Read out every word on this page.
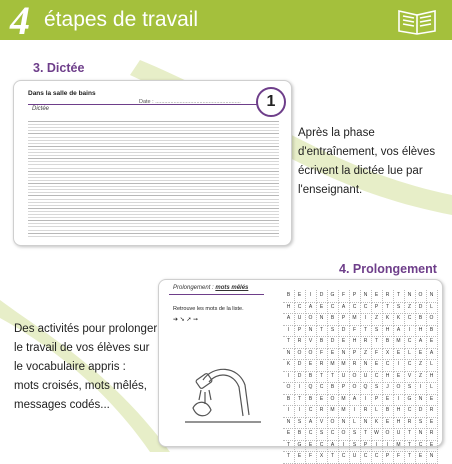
4 étapes de travail
3. Dictée
Dans la salle de bains
Date : ........................................................
Dictée	1
Après la phase
d'entraînement, vos élèves
écrivent la dictée lue par
l'enseignant.
4. Prolongement
Prolongement : mots mêlés
Retrouve les mots de la liste.
➔ ➘ ➚ ➙
B	E	I	D	G	F	P	N	E	R	T	N	O	N
H	C	A	E	C	A	C	C	P	T	S	Z	D	L
A	U	O	N	B	P	M	I	Z	K	K	C	B	O
I	P	N	T	S	D	F	T	S	H	A	I	H	B
T	R	V	B	D	E	H	R	T	B	M	C	A	E
N	O	O	F	E	N	P	Z	F	X	E	L	E	A
K	D	E	R	M	M	R	N	E	C	I	C	Z	L
I	D	B	T	T	U	O	U	C	H	E	V	Z	H
O	I	Q	C	B	P	O	Q	S	J	O	S	I	L
B	T	B	E	O	M	A	I	P	E	I	G	N	E
I	I	C	R	M	M	I	R	L	B	H	C	D	R
N	S	A	V	O	N	L	N	K	E	H	R	S	E
E	B	C	S	C	O	S	T	W	O	U	T	N	R
T	G	E	C	A	I	S	P	I	I	M	T	C	E
T	E	F	X	T	C	U	C	C	P	F	T	E	N
Des activités pour prolonger
le travail de vos élèves sur
le vocabulaire appris :
mots croisés, mots mêlés,
messages codés...
